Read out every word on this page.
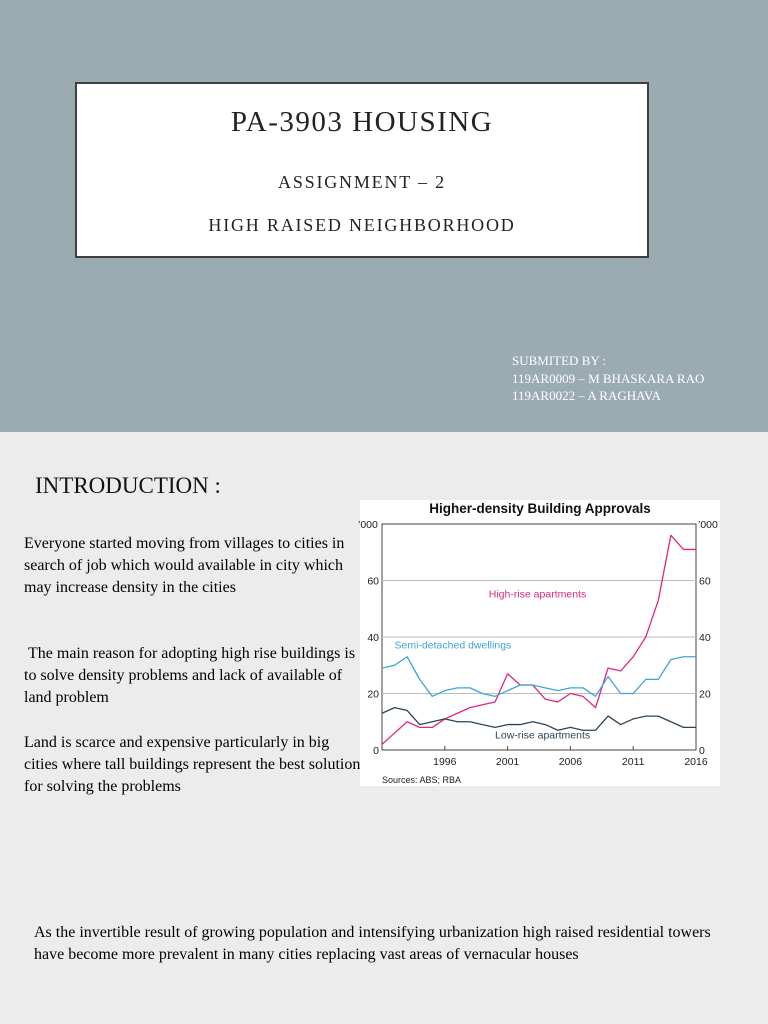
PA-3903 HOUSING
ASSIGNMENT – 2
HIGH RAISED NEIGHBORHOOD
SUBMITED BY :
119AR0009 – M BHASKARA RAO
119AR0022 – A RAGHAVA
INTRODUCTION :

Everyone started moving from villages to cities in search of job which would available in city which may increase density in the cities

The main reason for adopting high rise buildings is to solve density problems and lack of available of land problem

Land is scarce and expensive particularly in big cities where tall buildings represent the best solution for solving the problems

As the invertible result of growing population and intensifying urbanization high raised residential towers have become more prevalent in many cities replacing vast areas of vernacular houses

Higher-density Building Approvals
’000	’000
Sources: ABS; RBA
High-rise apartments
Semi-detached dwellings
Low-rise apartments
0	0
20	20
40	40
60	60
1996	2001	2006	2011	2016
